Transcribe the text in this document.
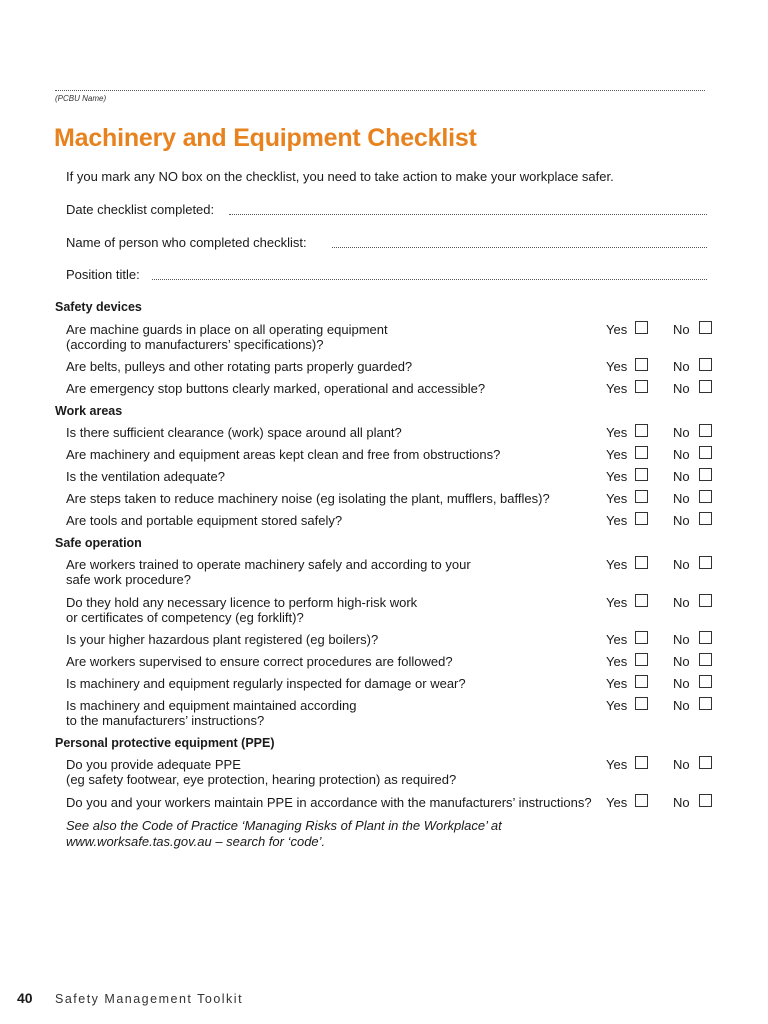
(PCBU Name)
Machinery and Equipment Checklist
If you mark any NO box on the checklist, you need to take action to make your workplace safer.
Date checklist completed:
Name of person who completed checklist:
Position title:
Safety devices
Are machine guards in place on all operating equipment
(according to manufacturers’ specifications)?
Yes	No
Are belts, pulleys and other rotating parts properly guarded?	Yes	No
Are emergency stop buttons clearly marked, operational and accessible?	Yes	No
Work areas
Is there sufficient clearance (work) space around all plant?	Yes	No
Are machinery and equipment areas kept clean and free from obstructions?	Yes	No
Is the ventilation adequate?	Yes	No
Are steps taken to reduce machinery noise (eg isolating the plant, mufflers, baffles)?	Yes	No
Are tools and portable equipment stored safely?	Yes	No
Safe operation
Are workers trained to operate machinery safely and according to your
safe work procedure?
Yes	No
Do they hold any necessary licence to perform high-risk work
or certificates of competency (eg forklift)?
Yes	No
Is your higher hazardous plant registered (eg boilers)?	Yes	No
Are workers supervised to ensure correct procedures are followed?	Yes	No
Is machinery and equipment regularly inspected for damage or wear?	Yes	No
Is machinery and equipment maintained according
to the manufacturers’ instructions?
Yes	No
Personal protective equipment (PPE)
Do you provide adequate PPE
(eg safety footwear, eye protection, hearing protection) as required?
Yes	No
Do you and your workers maintain PPE in accordance with the manufacturers’ instructions?	Yes	No
See also the Code of Practice ‘Managing Risks of Plant in the Workplace’ at
www.worksafe.tas.gov.au – search for ‘code’.
40 Safety Management Toolkit
